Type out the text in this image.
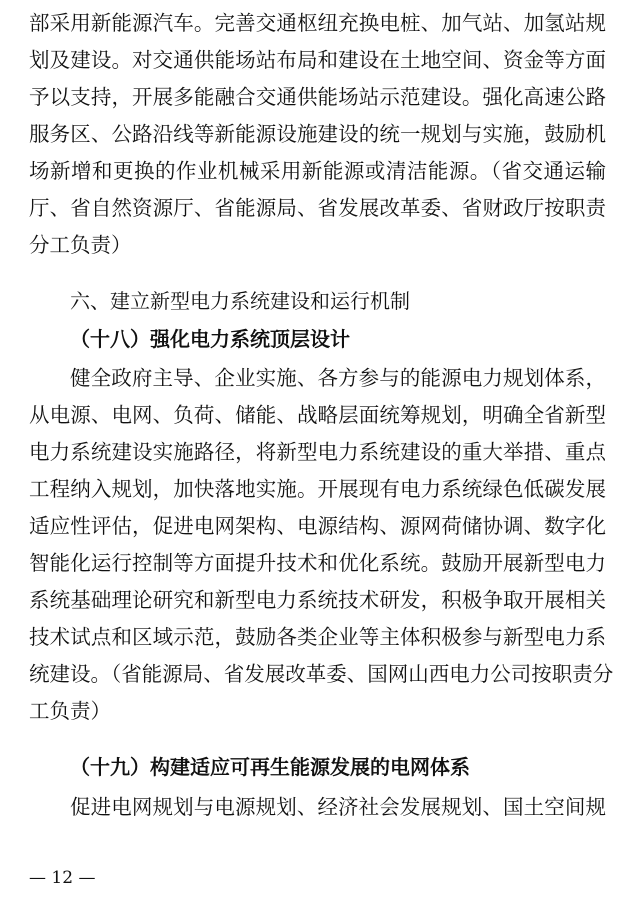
部采用新能源汽车。完善交通枢纽充换电桩、加气站、加氢站规
划及建设。对交通供能场站布局和建设在土地空间、资金等方面
予以支持，开展多能融合交通供能场站示范建设。强化高速公路
服务区、公路沿线等新能源设施建设的统一规划与实施，鼓励机
场新增和更换的作业机械采用新能源或清洁能源。（省交通运输
厅、省自然资源厅、省能源局、省发展改革委、省财政厅按职责
分工负责）
六、建立新型电力系统建设和运行机制
（十八）强化电力系统顶层设计
健全政府主导、企业实施、各方参与的能源电力规划体系，
从电源、电网、负荷、储能、战略层面统筹规划，明确全省新型
电力系统建设实施路径，将新型电力系统建设的重大举措、重点
工程纳入规划，加快落地实施。开展现有电力系统绿色低碳发展
适应性评估，促进电网架构、电源结构、源网荷储协调、数字化
智能化运行控制等方面提升技术和优化系统。鼓励开展新型电力
系统基础理论研究和新型电力系统技术研发，积极争取开展相关
技术试点和区域示范，鼓励各类企业等主体积极参与新型电力系
统建设。（省能源局、省发展改革委、国网山西电力公司按职责分
工负责）
（十九）构建适应可再生能源发展的电网体系
促进电网规划与电源规划、经济社会发展规划、国土空间规
— 12 —
